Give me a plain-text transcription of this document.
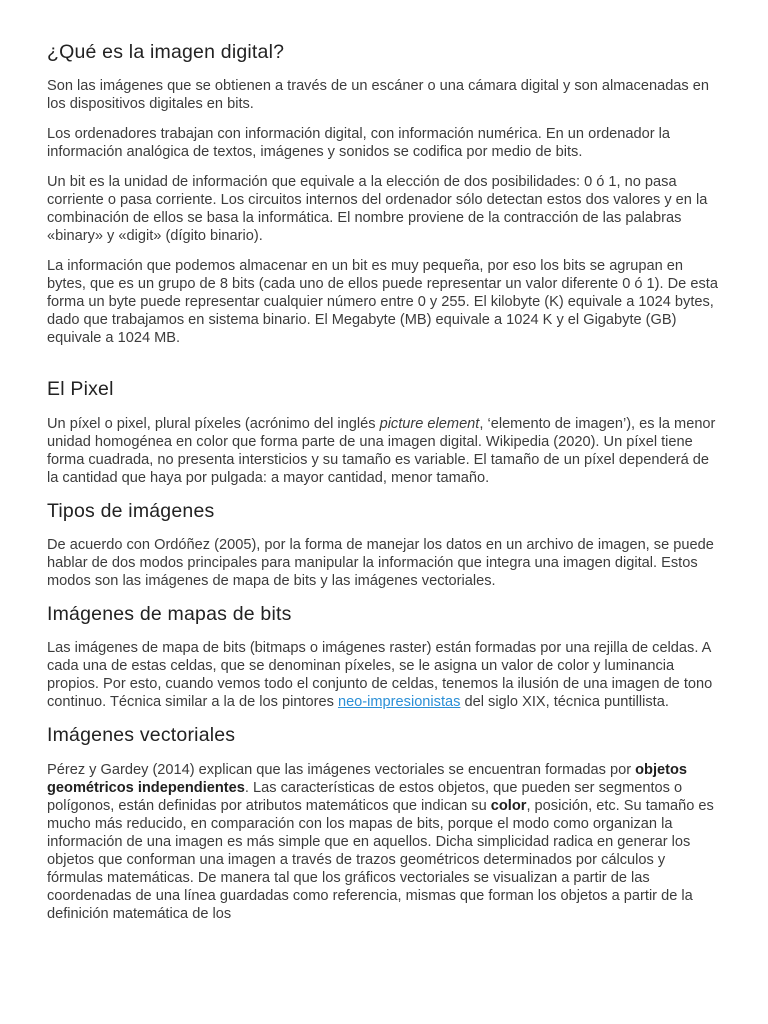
¿Qué es la imagen digital?

Son las imágenes que se obtienen a través de un escáner o una cámara digital y son almacenadas en los dispositivos digitales en bits.

Los ordenadores trabajan con información digital, con información numérica. En un ordenador la información analógica de textos, imágenes y sonidos se codifica por medio de bits.

Un bit es la unidad de información que equivale a la elección de dos posibilidades: 0 ó 1, no pasa corriente o pasa corriente. Los circuitos internos del ordenador sólo detectan estos dos valores y en la combinación de ellos se basa la informática. El nombre proviene de la contracción de las palabras «binary» y «digit» (dígito binario).

La información que podemos almacenar en un bit es muy pequeña, por eso los bits se agrupan en bytes, que es un grupo de 8 bits (cada uno de ellos puede representar un valor diferente 0 ó 1). De esta forma un byte puede representar cualquier número entre 0 y 255. El kilobyte (K) equivale a 1024 bytes, dado que trabajamos en sistema binario. El Megabyte (MB) equivale a 1024 K y el Gigabyte (GB) equivale a 1024 MB.

El Pixel

Un píxel o pixel, plural píxeles (acrónimo del inglés picture element, ‘elemento de imagen’), es la menor unidad homogénea en color que forma parte de una imagen digital. Wikipedia (2020). Un píxel tiene forma cuadrada, no presenta intersticios y su tamaño es variable. El tamaño de un píxel dependerá de la cantidad que haya por pulgada: a mayor cantidad, menor tamaño.

Tipos de imágenes

De acuerdo con Ordóñez (2005), por la forma de manejar los datos en un archivo de imagen, se puede hablar de dos modos principales para manipular la información que integra una imagen digital. Estos modos son las imágenes de mapa de bits y las imágenes vectoriales.

Imágenes de mapas de bits

Las imágenes de mapa de bits (bitmaps o imágenes raster) están formadas por una rejilla de celdas. A cada una de estas celdas, que se denominan píxeles, se le asigna un valor de color y luminancia propios. Por esto, cuando vemos todo el conjunto de celdas, tenemos la ilusión de una imagen de tono continuo. Técnica similar a la de los pintores neo-impresionistas del siglo XIX, técnica puntillista.

Imágenes vectoriales

Pérez y Gardey (2014) explican que las imágenes vectoriales se encuentran formadas por objetos geométricos independientes. Las características de estos objetos, que pueden ser segmentos o polígonos, están definidas por atributos matemáticos que indican su color, posición, etc. Su tamaño es mucho más reducido, en comparación con los mapas de bits, porque el modo como organizan la información de una imagen es más simple que en aquellos. Dicha simplicidad radica en generar los objetos que conforman una imagen a través de trazos geométricos determinados por cálculos y fórmulas matemáticas. De manera tal que los gráficos vectoriales se visualizan a partir de las coordenadas de una línea guardadas como referencia, mismas que forman los objetos a partir de la definición matemática de los
